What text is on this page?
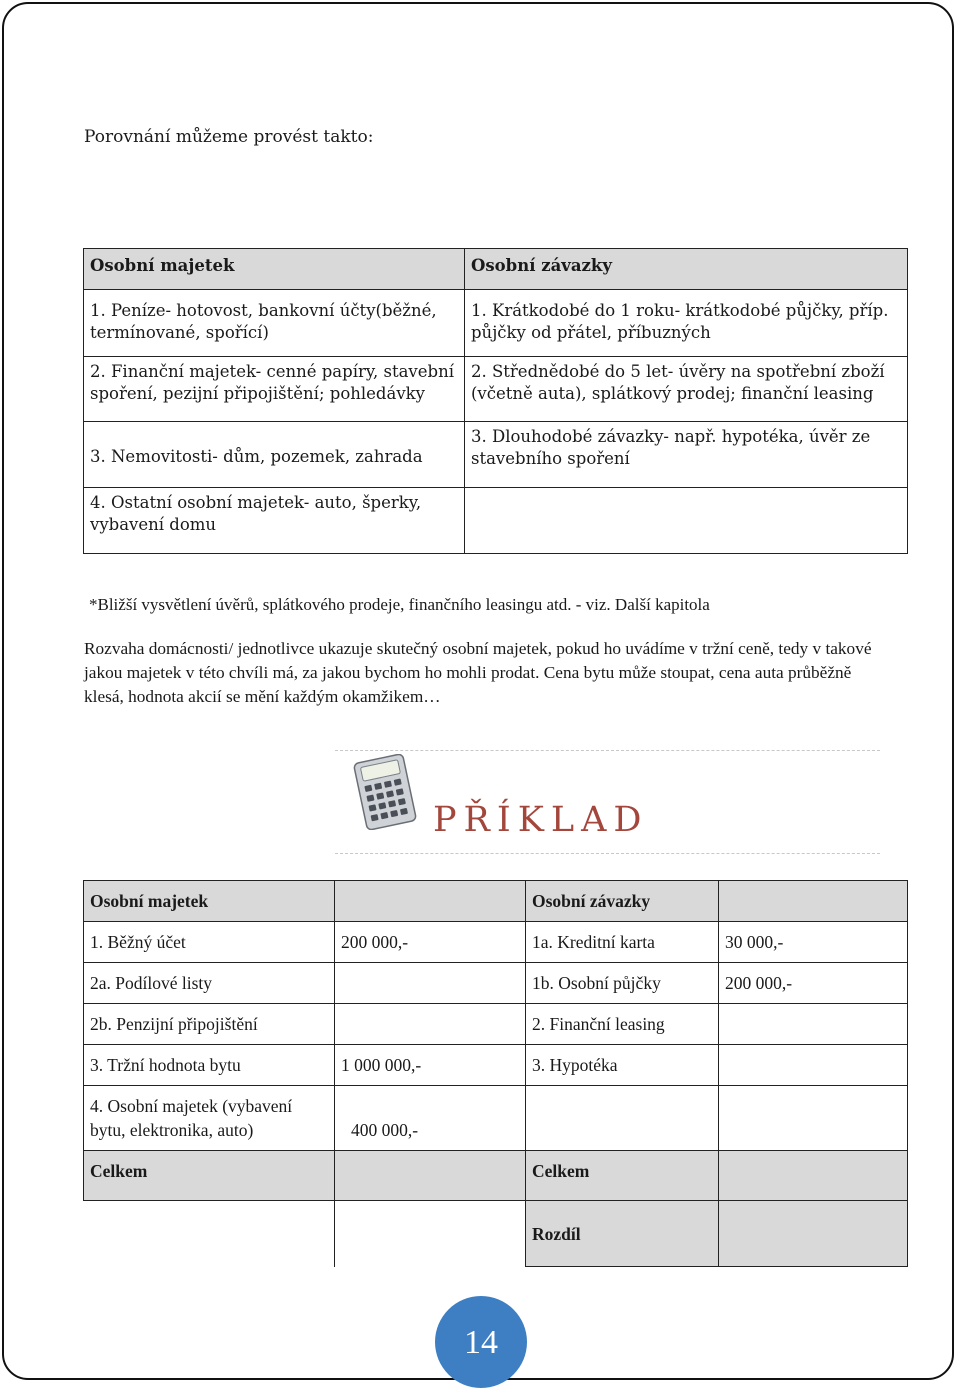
Porovnání můžeme provést takto:
Osobní majetek	Osobní závazky
1. Peníze- hotovost, bankovní účty(běžné, termínované, spořící)	1. Krátkodobé do 1 roku- krátkodobé půjčky, příp. půjčky od přátel, příbuzných
2. Finanční majetek- cenné papíry, stavební spoření, pezijní připojištění; pohledávky	2. Střednědobé do 5 let- úvěry na spotřební zboží (včetně auta), splátkový prodej; finanční leasing
3. Nemovitosti- dům, pozemek, zahrada	3. Dlouhodobé závazky- např. hypotéka, úvěr ze stavebního spoření
4. Ostatní osobní majetek- auto, šperky, vybavení domu	
*Bližší vysvětlení úvěrů, splátkového prodeje, finančního leasingu atd. - viz. Další kapitola
Rozvaha domácnosti/ jednotlivce ukazuje skutečný osobní majetek, pokud ho uvádíme v tržní ceně, tedy v takové jakou majetek v této chvíli má, za jakou bychom ho mohli prodat. Cena bytu může stoupat, cena auta průběžně klesá, hodnota akcií se mění každým okamžikem…
PŘÍKLAD
Osobní majetek		Osobní závazky	
1. Běžný účet	200 000,-	1a. Kreditní karta	30 000,-
2a. Podílové listy		1b. Osobní půjčky	200 000,-
2b. Penzijní připojištění		2. Finanční leasing	
3. Tržní hodnota bytu	1 000 000,-	3. Hypotéka	
4. Osobní majetek (vybavení bytu, elektronika, auto)	400 000,-		
Celkem		Celkem	
		Rozdíl	
14
